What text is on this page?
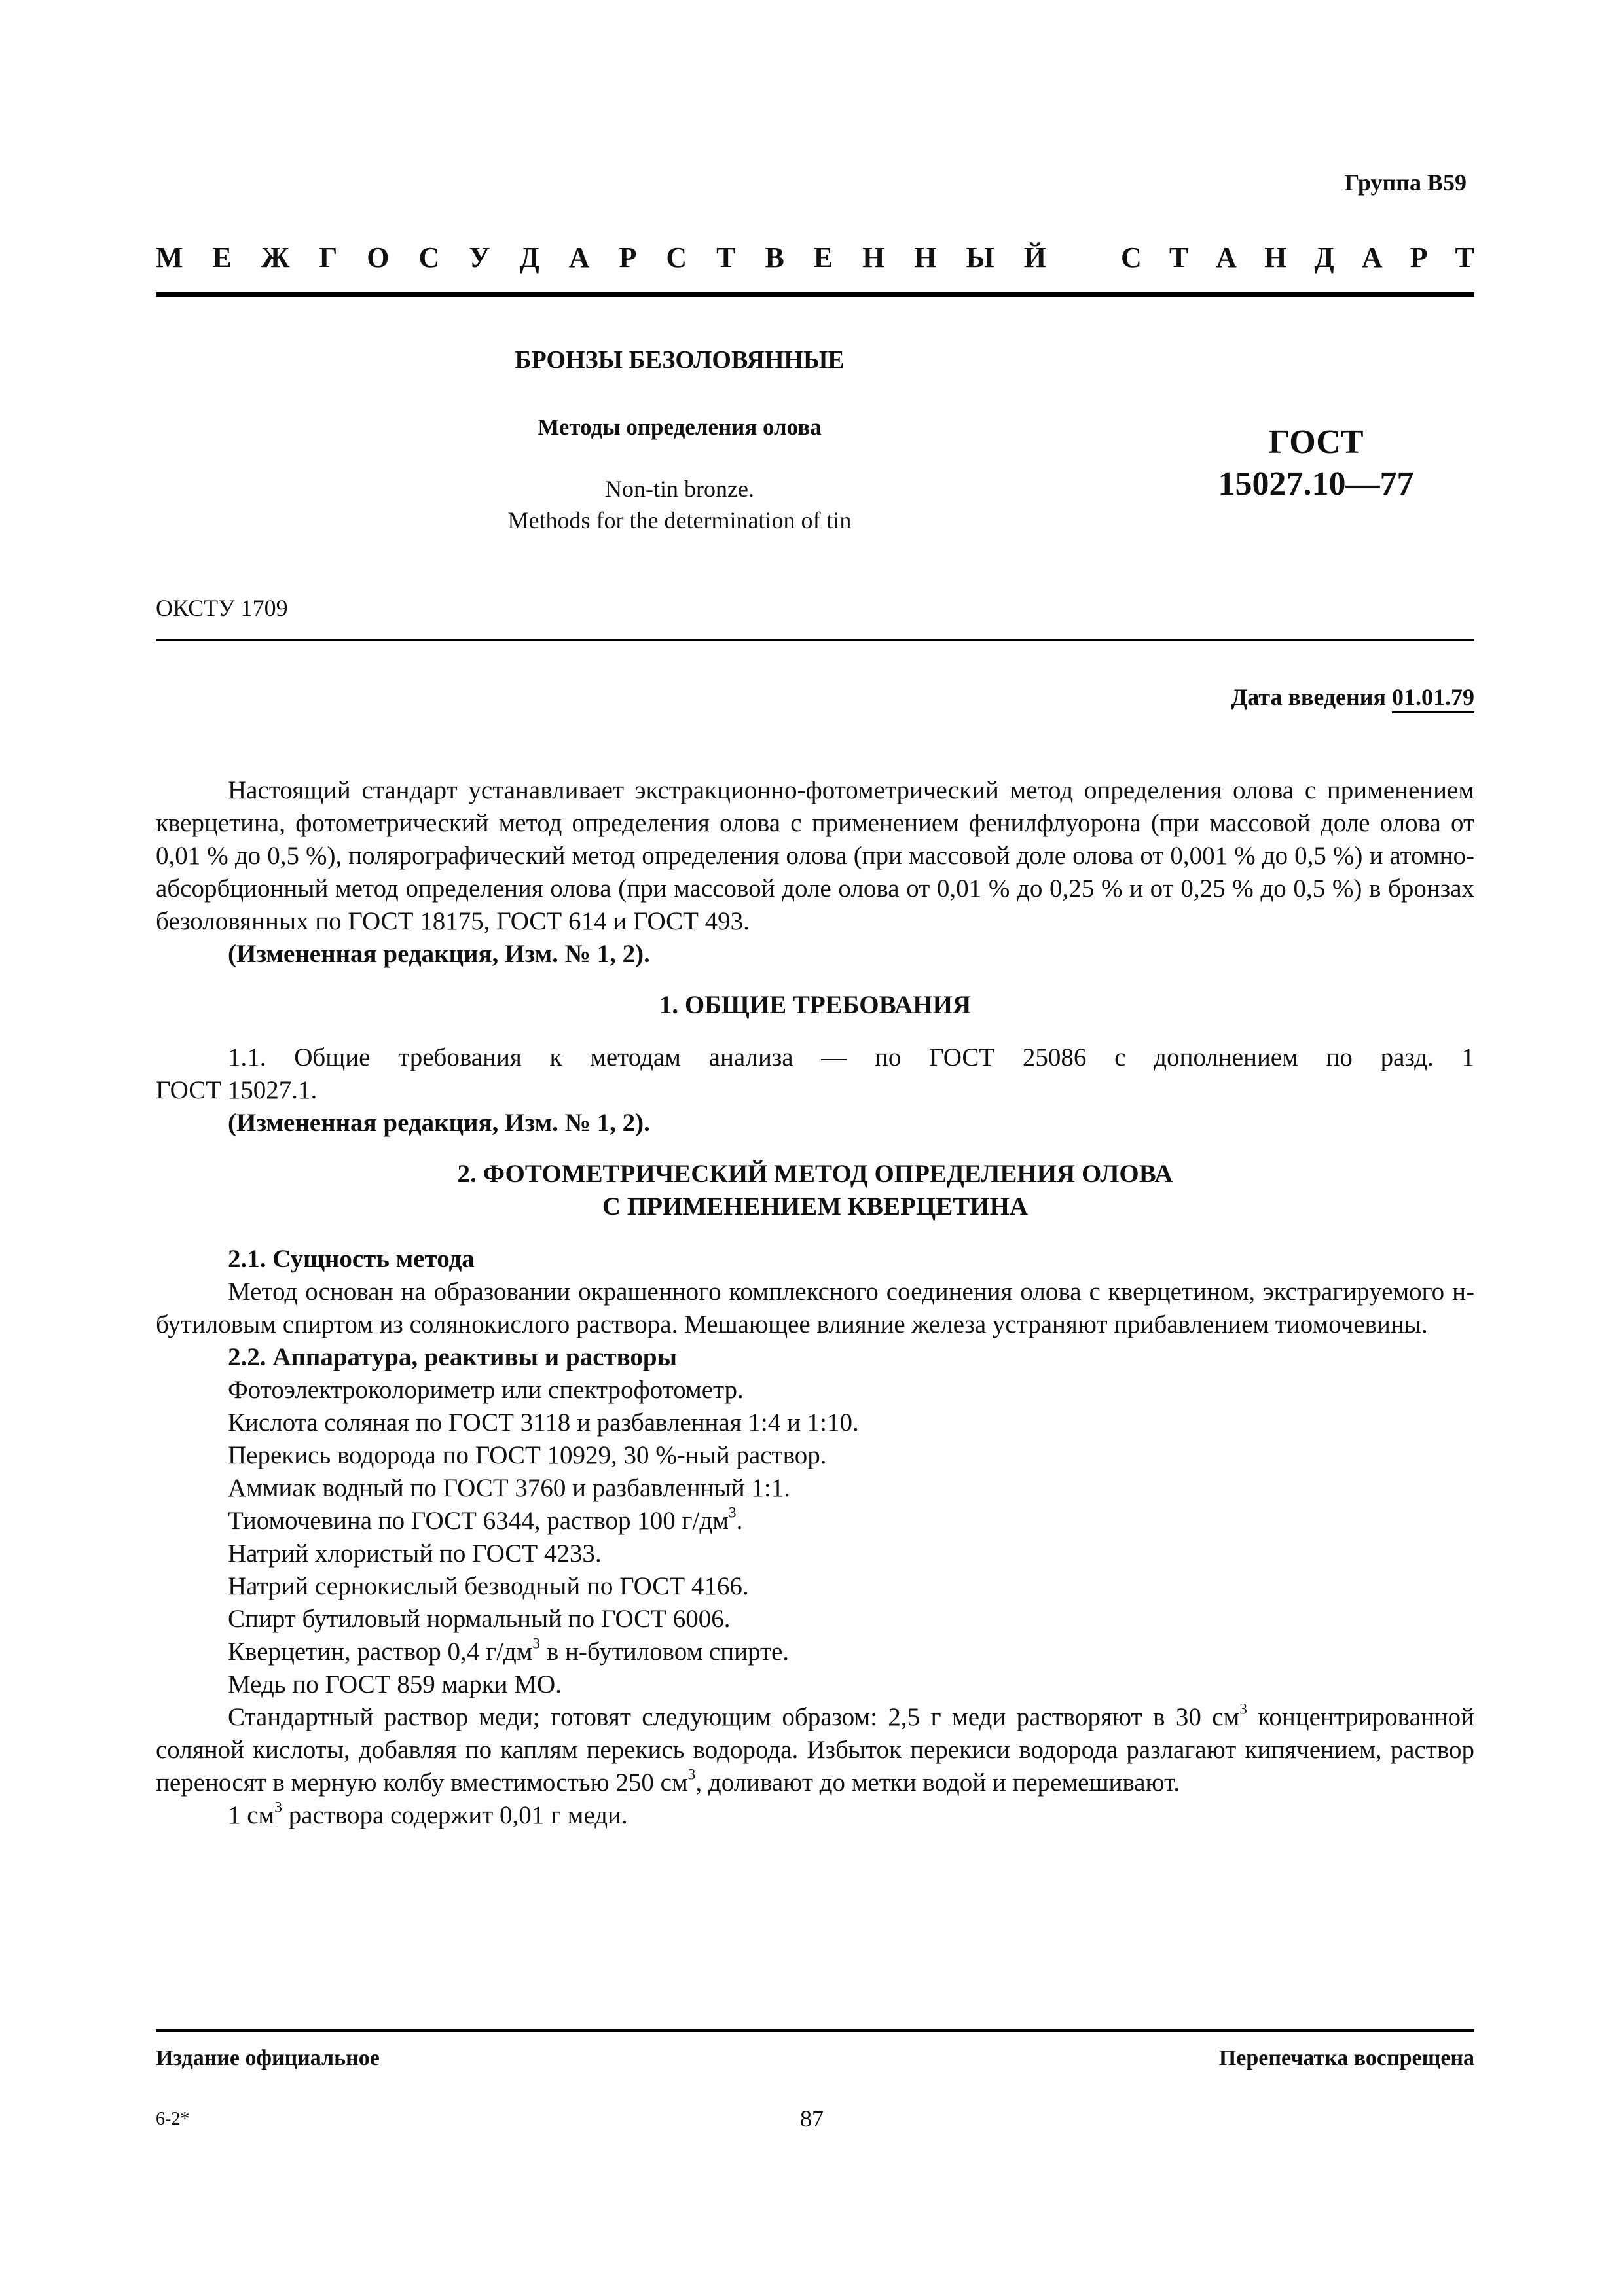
Группа В59
М Е Ж Г О С У Д А Р С Т В Е Н Н Ы Й	С Т А Н Д А Р Т
БРОНЗЫ БЕЗОЛОВЯННЫЕ
Методы определения олова
Non-tin bronze.
Methods for the determination of tin
ГОСТ
15027.10—77
ОКСТУ 1709
Дата введения 01.01.79

Настоящий стандарт устанавливает экстракционно-фотометрический метод определения олова с применением кверцетина, фотометрический метод определения олова с применением фенилфлуорона (при массовой доле олова от 0,01 % до 0,5 %), полярографический метод определения олова (при массовой доле олова от 0,001 % до 0,5 %) и атомно-абсорбционный метод определения олова (при массовой доле олова от 0,01 % до 0,25 % и от 0,25 % до 0,5 %) в бронзах безоловянных по ГОСТ 18175, ГОСТ 614 и ГОСТ 493.

(Измененная редакция, Изм. № 1, 2).

1. ОБЩИЕ ТРЕБОВАНИЯ

1.1. Общие требования к методам анализа — по ГОСТ 25086 с дополнением по разд. 1

ГОСТ 15027.1.

(Измененная редакция, Изм. № 1, 2).

2. ФОТОМЕТРИЧЕСКИЙ МЕТОД ОПРЕДЕЛЕНИЯ ОЛОВА

С ПРИМЕНЕНИЕМ КВЕРЦЕТИНА

2.1. Сущность метода

Метод основан на образовании окрашенного комплексного соединения олова с кверцетином, экстрагируемого н-бутиловым спиртом из солянокислого раствора. Мешающее влияние железа устраняют прибавлением тиомочевины.

2.2. Аппаратура, реактивы и растворы

Фотоэлектроколориметр или спектрофотометр.

Кислота соляная по ГОСТ 3118 и разбавленная 1:4 и 1:10.

Перекись водорода по ГОСТ 10929, 30 %-ный раствор.

Аммиак водный по ГОСТ 3760 и разбавленный 1:1.

Тиомочевина по ГОСТ 6344, раствор 100 $г/дм^3$.

Натрий хлористый по ГОСТ 4233.

Натрий сернокислый безводный по ГОСТ 4166.

Спирт бутиловый нормальный по ГОСТ 6006.

Кверцетин, раствор 0,4 $г/дм^3$ в н-бутиловом спирте.

Медь по ГОСТ 859 марки МО.

Стандартный раствор меди; готовят следующим образом: 2,5 г меди растворяют в 30 $см^3$ концентрированной соляной кислоты, добавляя по каплям перекись водорода. Избыток перекиси водорода разлагают кипячением, раствор переносят в мерную колбу вместимостью 250 $см^3$, доливают до метки водой и перемешивают.

1 $см^3$ раствора содержит 0,01 г меди.

Издание официальное	Перепечатка воспрещена
6-2*	87
